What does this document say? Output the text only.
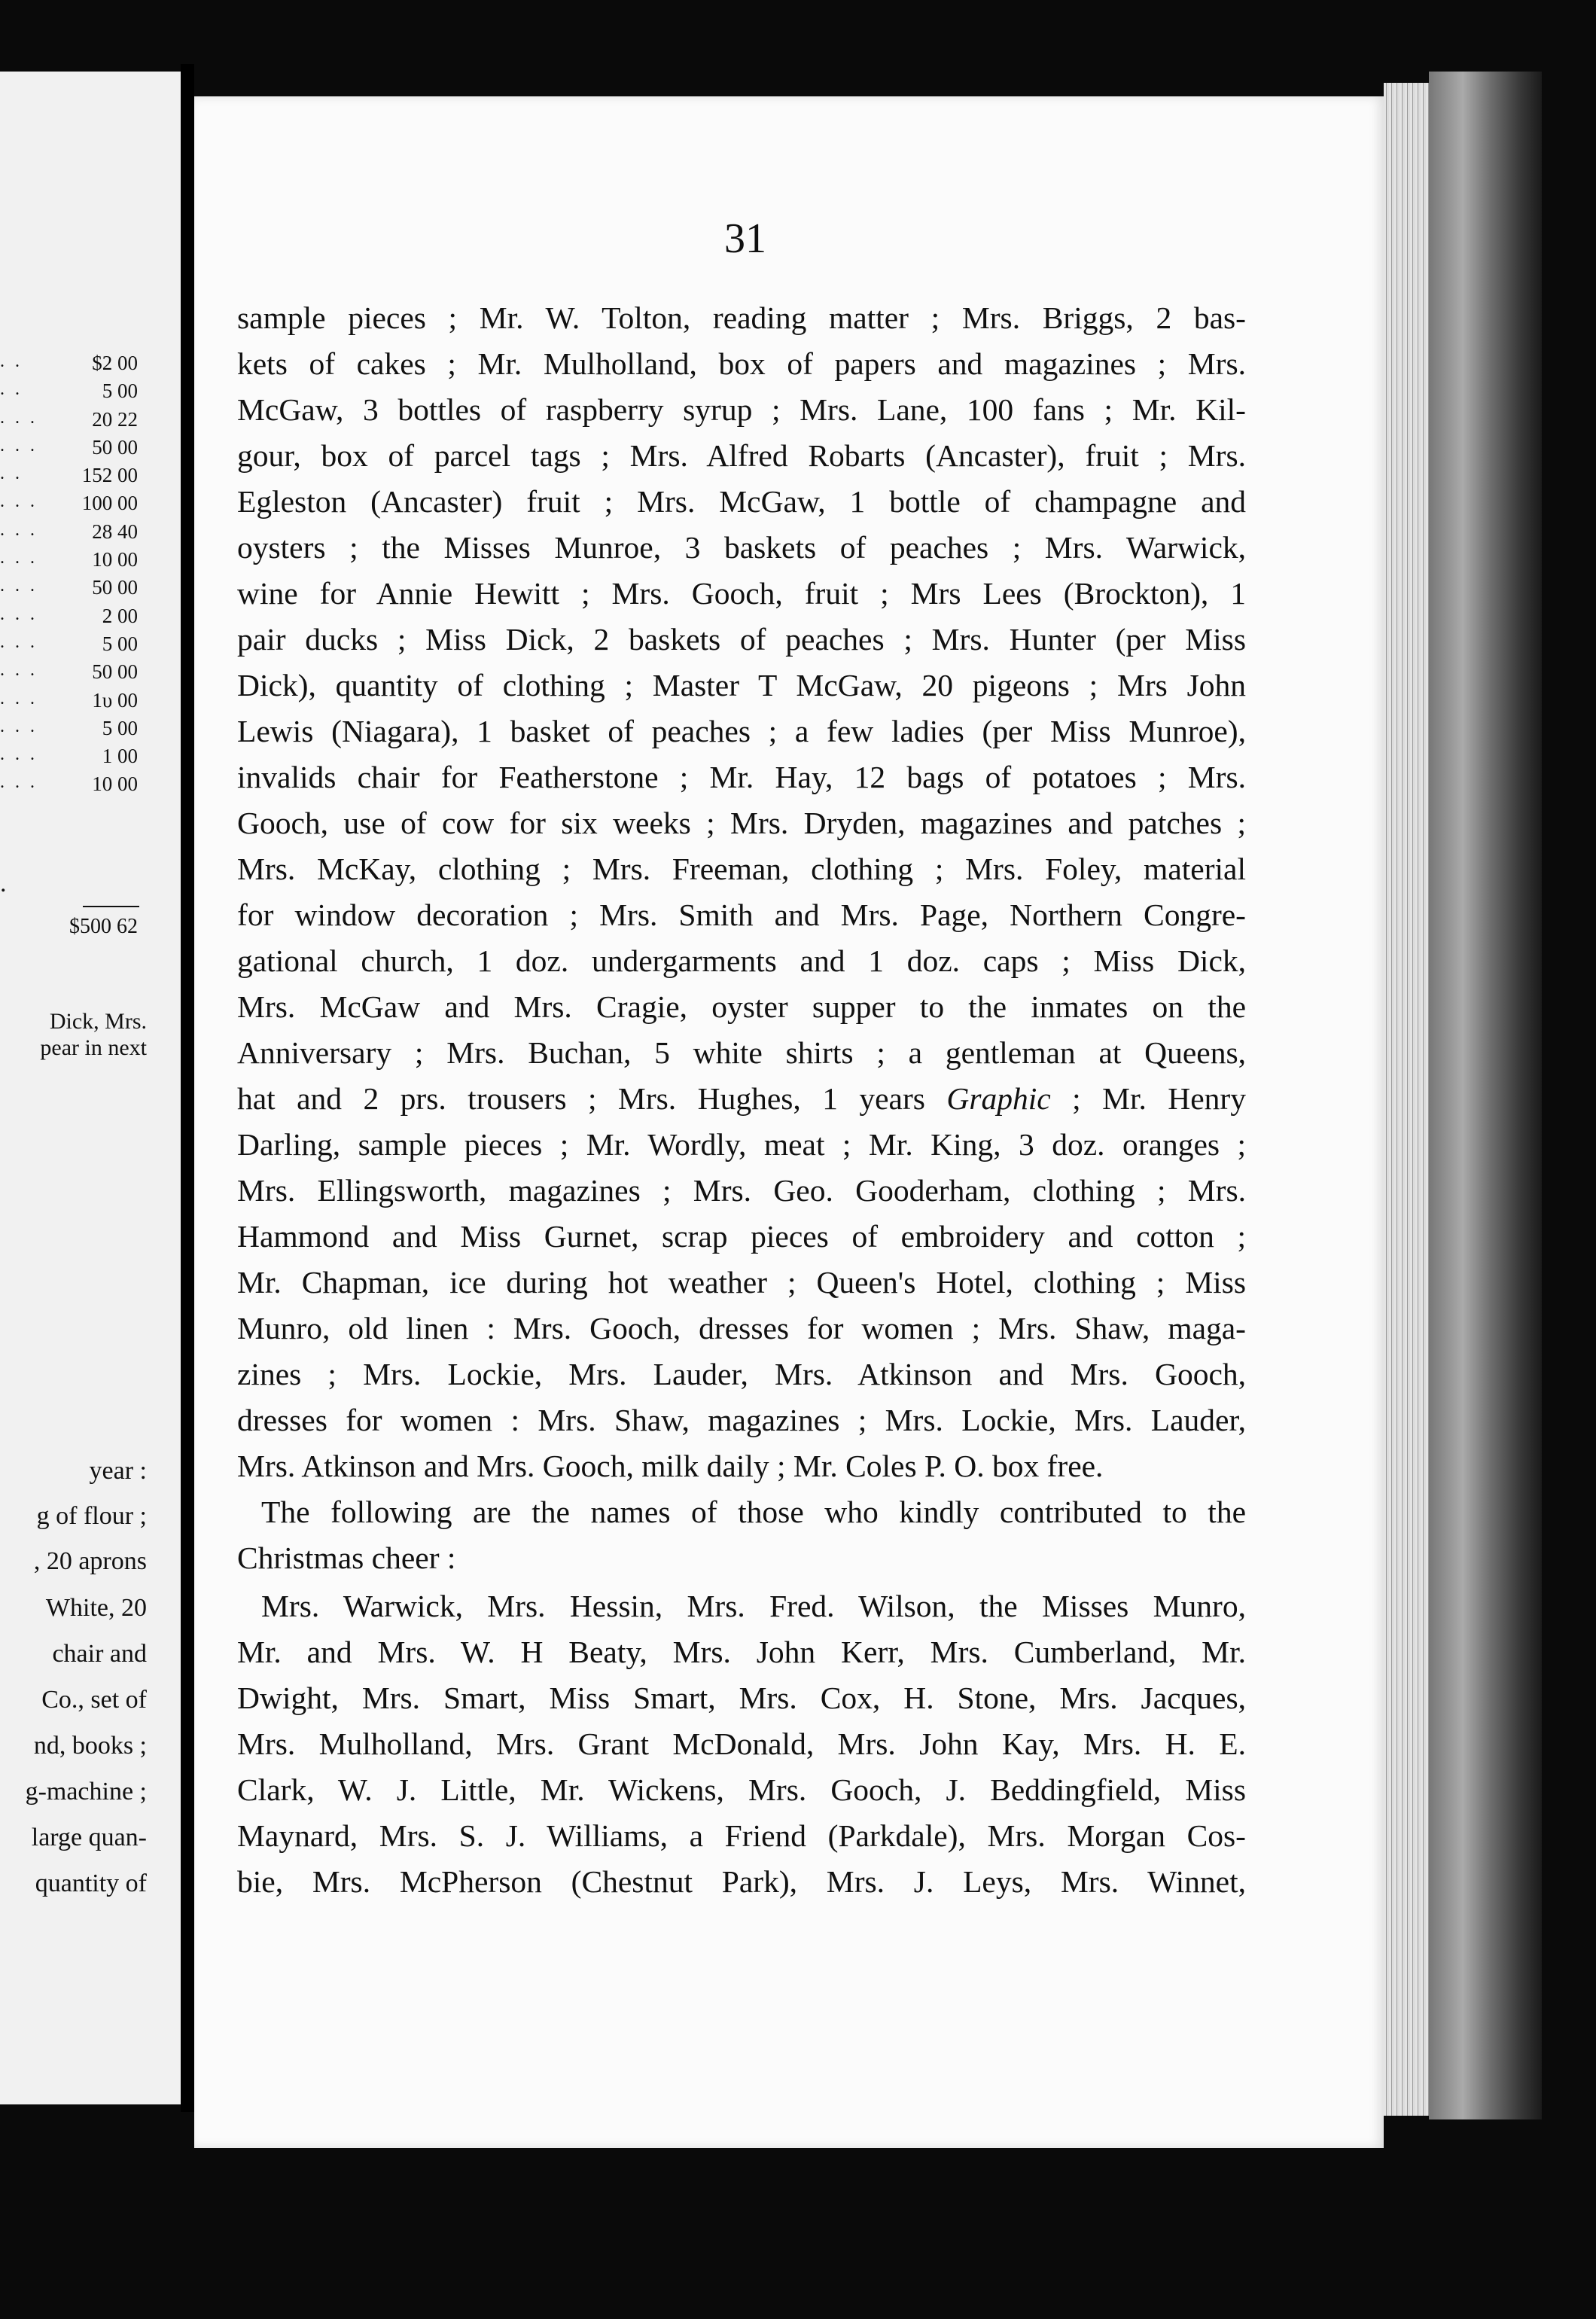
. .	$2 00
. .	5 00
. . .	20 22
. . .	50 00
. .	152 00
. . . 100 00
. . .	28 40
. . .	10 00
. . .	50 00
. . .	2 00
. . .	5 00
. . .	50 00
. . .	1υ 00
. . .	5 00
. . .	1 00
. . .	10 00
$500 62
.
Dick, Mrs.
pear in next
year :
g of flour ;
, 20 aprons
White, 20
chair and
Co., set of
nd, books ;
g-machine ;
large quan-
quantity of
31
sample pieces ; Mr. W. Tolton, reading matter ; Mrs. Briggs, 2 bas-
kets of cakes ; Mr. Mulholland, box of papers and magazines ; Mrs.
McGaw, 3 bottles of raspberry syrup ; Mrs. Lane, 100 fans ; Mr. Kil-
gour, box of parcel tags ; Mrs. Alfred Robarts (Ancaster), fruit ; Mrs.
Egleston (Ancaster) fruit ; Mrs. McGaw, 1 bottle of champagne and
oysters ; the Misses Munroe, 3 baskets of peaches ; Mrs. Warwick,
wine for Annie Hewitt ; Mrs. Gooch, fruit ; Mrs Lees (Brockton), 1
pair ducks ; Miss Dick, 2 baskets of peaches ; Mrs. Hunter (per Miss
Dick), quantity of clothing ; Master T McGaw, 20 pigeons ; Mrs John
Lewis (Niagara), 1 basket of peaches ; a few ladies (per Miss Munroe),
invalids chair for Featherstone ; Mr. Hay, 12 bags of potatoes ; Mrs.
Gooch, use of cow for six weeks ; Mrs. Dryden, magazines and patches ;
Mrs. McKay, clothing ; Mrs. Freeman, clothing ; Mrs. Foley, material
for window decoration ; Mrs. Smith and Mrs. Page, Northern Congre-
gational church, 1 doz. undergarments and 1 doz. caps ; Miss Dick,
Mrs. McGaw and Mrs. Cragie, oyster supper to the inmates on the
Anniversary ; Mrs. Buchan, 5 white shirts ; a gentleman at Queens,
hat and 2 prs. trousers ; Mrs. Hughes, 1 years Graphic ; Mr. Henry
Darling, sample pieces ; Mr. Wordly, meat ; Mr. King, 3 doz. oranges ;
Mrs. Ellingsworth, magazines ; Mrs. Geo. Gooderham, clothing ; Mrs.
Hammond and Miss Gurnet, scrap pieces of embroidery and cotton ;
Mr. Chapman, ice during hot weather ; Queen's Hotel, clothing ; Miss
Munro, old linen : Mrs. Gooch, dresses for women ; Mrs. Shaw, maga-
zines ; Mrs. Lockie, Mrs. Lauder, Mrs. Atkinson and Mrs. Gooch,
dresses for women : Mrs. Shaw, magazines ; Mrs. Lockie, Mrs. Lauder,
Mrs. Atkinson and Mrs. Gooch, milk daily ; Mr. Coles P. O. box free.
The following are the names of those who kindly contributed to the
Christmas cheer :
Mrs. Warwick, Mrs. Hessin, Mrs. Fred. Wilson, the Misses Munro,
Mr. and Mrs. W. H Beaty, Mrs. John Kerr, Mrs. Cumberland, Mr.
Dwight, Mrs. Smart, Miss Smart, Mrs. Cox, H. Stone, Mrs. Jacques,
Mrs. Mulholland, Mrs. Grant McDonald, Mrs. John Kay, Mrs. H. E.
Clark, W. J. Little, Mr. Wickens, Mrs. Gooch, J. Beddingfield, Miss
Maynard, Mrs. S. J. Williams, a Friend (Parkdale), Mrs. Morgan Cos-
bie, Mrs. McPherson (Chestnut Park), Mrs. J. Leys, Mrs. Winnet,
